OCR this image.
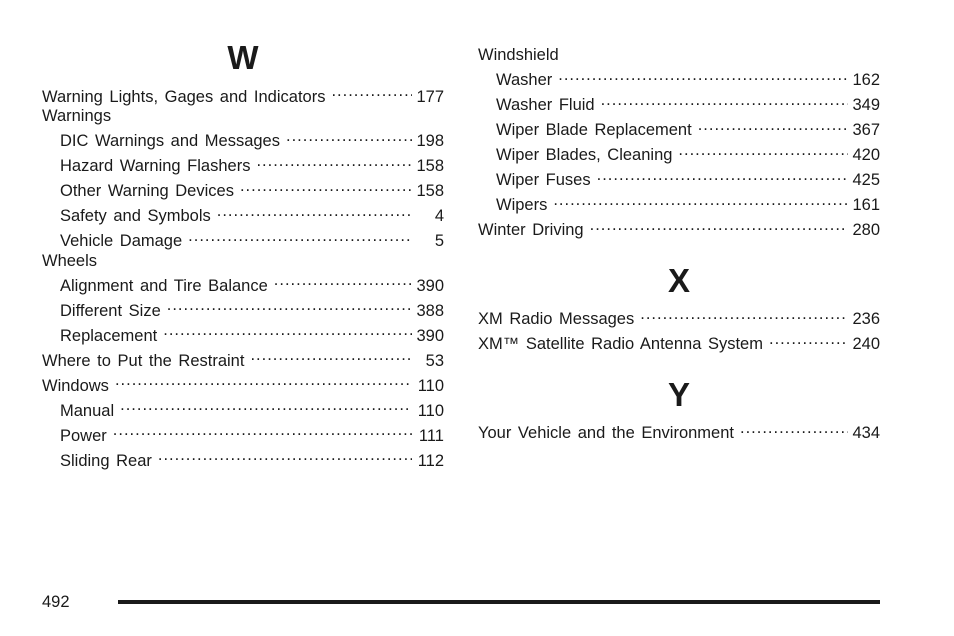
W
Warning Lights, Gages and Indicators .....	177
Warnings
DIC Warnings and Messages .....	198
Hazard Warning Flashers .....	158
Other Warning Devices .....	158
Safety and Symbols .....	4
Vehicle Damage .....	5
Wheels
Alignment and Tire Balance .....	390
Different Size .....	388
Replacement .....	390
Where to Put the Restraint .....	53
Windows .....	110
Manual .....	110
Power .....	111
Sliding Rear .....	112
Windshield
Washer .....	162
Washer Fluid .....	349
Wiper Blade Replacement .....	367
Wiper Blades, Cleaning .....	420
Wiper Fuses .....	425
Wipers .....	161
Winter Driving .....	280
X
XM Radio Messages .....	236
XM™ Satellite Radio Antenna System .....	240
Y
Your Vehicle and the Environment .....	434
492
